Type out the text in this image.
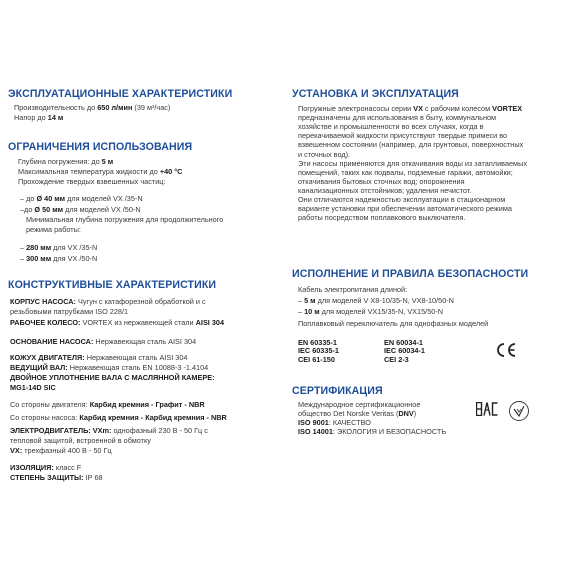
ЭКСПЛУАТАЦИОННЫЕ ХАРАКТЕРИСТИКИ
Производительность до 650 л/мин (39 м³/час)
Напор до 14 м
ОГРАНИЧЕНИЯ ИСПОЛЬЗОВАНИЯ
Глубина погружения: до 5 м
Максимальная температура жидкости до +40 °С
Прохождение твердых взвешенных частиц:
– до Ø 40 мм для моделей VX /35-N
–до Ø 50 мм для моделей VX /50-N
Минимальная глубина погружения для продолжительного
режима работы:
– 280 мм для VX /35-N
– 300 мм для VX /50-N
КОНСТРУКТИВНЫЕ ХАРАКТЕРИСТИКИ
КОРПУС НАСОСА: Чугун с катафорезной обработкой и с
резьбовыми патрубками ISO 228/1
РАБОЧЕЕ КОЛЕСО: VORTEX из нержавеющей стали AISI 304
ОСНОВАНИЕ НАСОСА: Нержавеющая сталь AISI 304
КОЖУХ ДВИГАТЕЛЯ: Нержавеющая сталь AISI 304
ВЕДУЩИЙ ВАЛ: Нержавеющая сталь EN 10088-3 -1.4104
ДВОЙНОЕ УПЛОТНЕНИЕ ВАЛА С МАСЛЯННОЙ КАМЕРЕ:
MG1-14D SIC
Со стороны двигателя: Карбид кремния - Графит - NBR
Со стороны насоса: Карбид кремния - Карбид кремния - NBR
ЭЛЕКТРОДВИГАТЕЛЬ: VXm: однофазный 230 В - 50 Гц с
тепловой защитой, встроенной в обмотку
VX: трехфазный 400 В - 50 Гц
ИЗОЛЯЦИЯ: класс F
СТЕПЕНЬ ЗАЩИТЫ: IP 68
УСТАНОВКА И ЭКСПЛУАТАЦИЯ
Погружные электронасосы серии VX с рабочим колесом VORTEX
предназначены для использования в быту, коммунальном
хозяйстве и промышленности во всех случаях, когда в
перекачиваемой жидкости присутствуют твердые примеси во
взвешенном состоянии (например, для грунтовых, поверхностных
и сточных вод).
Эти насосы применяются для откачивания воды из затапливаемых
помещений, таких как подвалы, подземные гаражи, автомойки;
откачивания бытовых сточных вод; опорожнения
канализационных отстойников; удаления нечистот.
Они отличаются надежностью эксплуатации в стационарном
варианте установки при обеспечении автоматического режима
работы посредством поплавкового выключателя.
ИСПОЛНЕНИЕ И ПРАВИЛА БЕЗОПАСНОСТИ
Кабель электропитания длиной:
– 5 м для моделей V X8-10/35-N, VX8-10/50-N
– 10 м для моделей VX15/35-N, VX15/50-N
Поплавковый переключатель для однофазных моделей
EN 60335-1
IEC 60335-1
CEI 61-150
EN 60034-1
IEC 60034-1
CEI 2-3
СЕРТИФИКАЦИЯ
Международное сертификационное
общество Det Norske Veritas (DNV)
ISO 9001: КАЧЕСТВО
ISO 14001: ЭКОЛОГИЯ И БЕЗОПАСНОСТЬ
